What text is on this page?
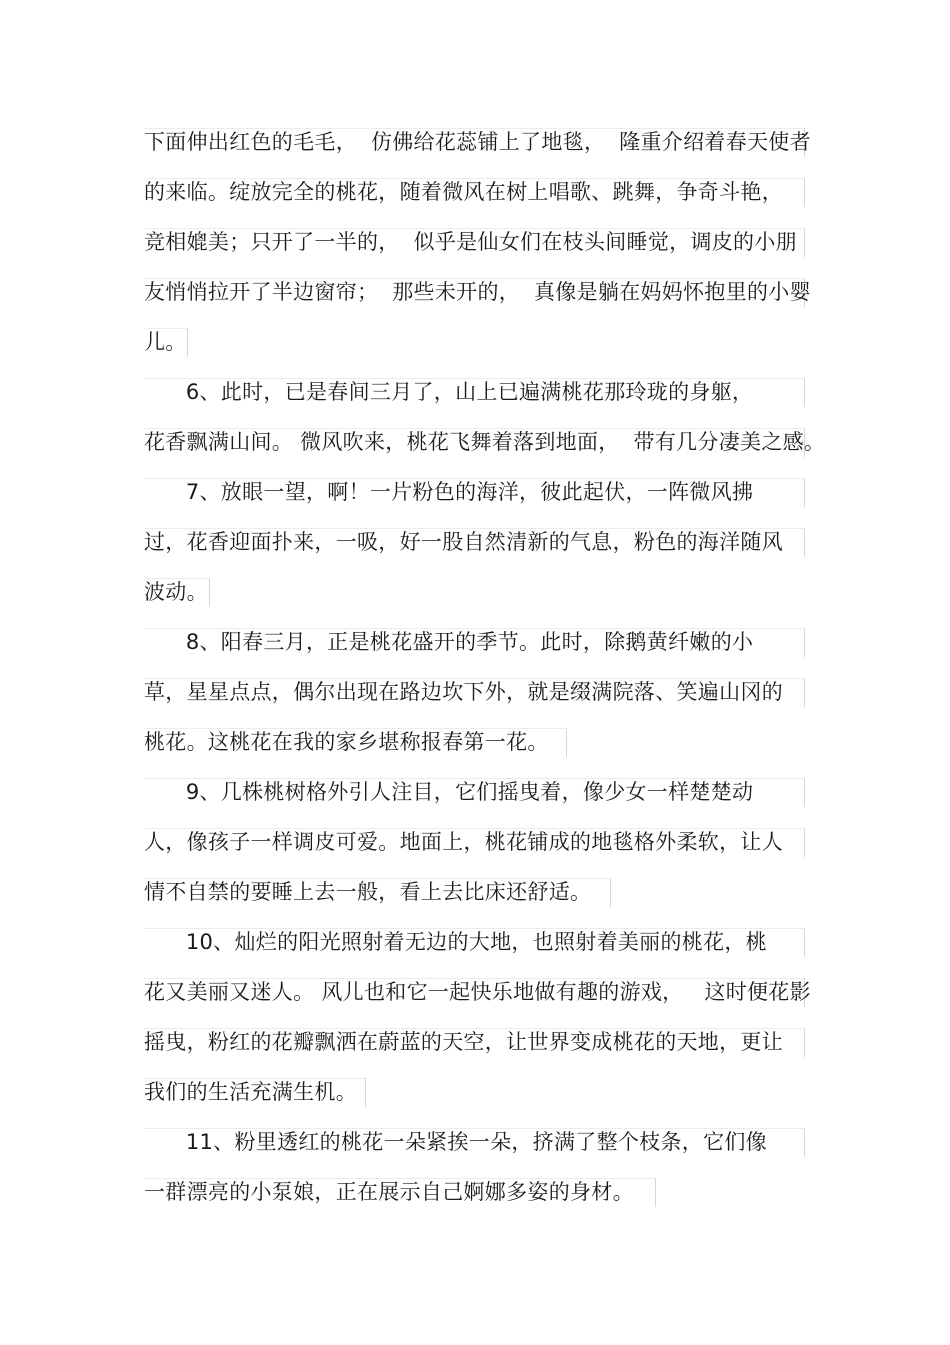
下面伸出红色的毛毛，  仿佛给花蕊铺上了地毯，  隆重介绍着春天使者
的来临。绽放完全的桃花，随着微风在树上唱歌、跳舞，争奇斗艳，
竞相媲美；只开了一半的，  似乎是仙女们在枝头间睡觉，调皮的小朋
友悄悄拉开了半边窗帘；  那些未开的，  真像是躺在妈妈怀抱里的小婴
儿。
6、此时，已是春间三月了，山上已遍满桃花那玲珑的身躯，
花香飘满山间。 微风吹来，桃花飞舞着落到地面，  带有几分凄美之感。
7、放眼一望，啊！一片粉色的海洋，彼此起伏，一阵微风拂
过，花香迎面扑来，一吸，好一股自然清新的气息，粉色的海洋随风
波动。
8、阳春三月，正是桃花盛开的季节。此时，除鹅黄纤嫩的小
草，星星点点，偶尔出现在路边坎下外，就是缀满院落、笑遍山冈的
桃花。这桃花在我的家乡堪称报春第一花。
9、几株桃树格外引人注目，它们摇曳着，像少女一样楚楚动
人，像孩子一样调皮可爱。地面上，桃花铺成的地毯格外柔软，让人
情不自禁的要睡上去一般，看上去比床还舒适。
10、灿烂的阳光照射着无边的大地，也照射着美丽的桃花，桃
花又美丽又迷人。 风儿也和它一起快乐地做有趣的游戏，   这时便花影
摇曳，粉红的花瓣飘洒在蔚蓝的天空，让世界变成桃花的天地，更让
我们的生活充满生机。
11、粉里透红的桃花一朵紧挨一朵，挤满了整个枝条，它们像
一群漂亮的小泵娘，正在展示自己婀娜多姿的身材。
